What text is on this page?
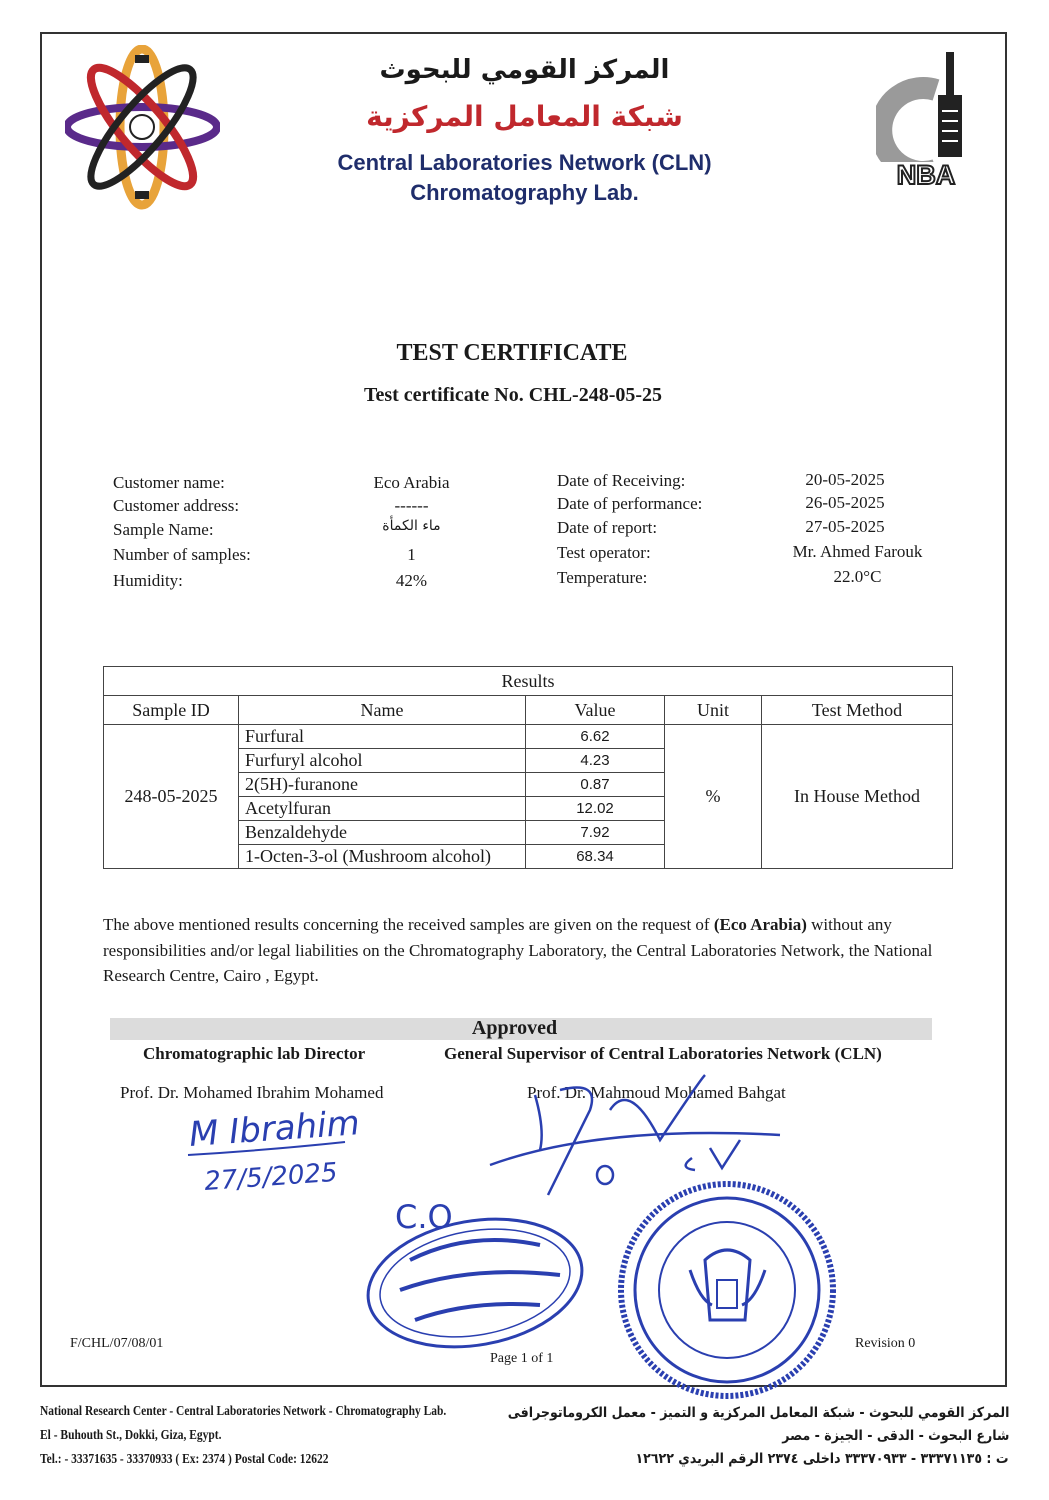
NBA
المركز القومي للبحوث
شبكة المعامل المركزية
Central Laboratories Network (CLN)
Chromatography Lab.
TEST CERTIFICATE
Test certificate No. CHL-248-05-25
Customer name:	Eco Arabia
Customer address:	------
Sample Name:	ماء الكمأة
Number of samples:	1
Humidity:	42%
Date of Receiving:	20-05-2025
Date of performance:	26-05-2025
Date of report:	27-05-2025
Test operator:	Mr. Ahmed Farouk
Temperature:	22.0°C
Results				
Sample ID	Name	Value	Unit	Test Method
248-05-2025	Furfural	6.62	%	In House Method
	Furfuryl alcohol	4.23		
	2(5H)-furanone	0.87		
	Acetylfuran	12.02		
	Benzaldehyde	7.92		
	1-Octen-3-ol (Mushroom alcohol)	68.34		
The above mentioned results concerning the received samples are given on the request of (Eco Arabia) without any responsibilities and/or legal liabilities on the Chromatography Laboratory, the Central Laboratories Network, the National Research Centre, Cairo , Egypt.
Approved
Chromatographic lab Director	General Supervisor of Central Laboratories Network (CLN)
Prof. Dr. Mohamed Ibrahim Mohamed	Prof. Dr. Mahmoud Mohamed Bahgat
M Ibrahim
27/5/2025
C.O
F/CHL/07/08/01
Page 1 of 1
Revision 0
National Research Center - Central Laboratories Network - Chromatography Lab.
El - Buhouth St., Dokki, Giza, Egypt.
Tel.: - 33371635 - 33370933 ( Ex: 2374 ) Postal Code: 12622
المركز القومي للبحوث - شبكة المعامل المركزية و التميز - معمل الكروماتوجرافى
شارع البحوث - الدقى - الجيزة - مصر
ت : ٣٣٣٧١١٣٥ - ٣٣٣٧٠٩٣٣ داخلى ٢٣٧٤ الرقم البريدي ١٢٦٢٢
